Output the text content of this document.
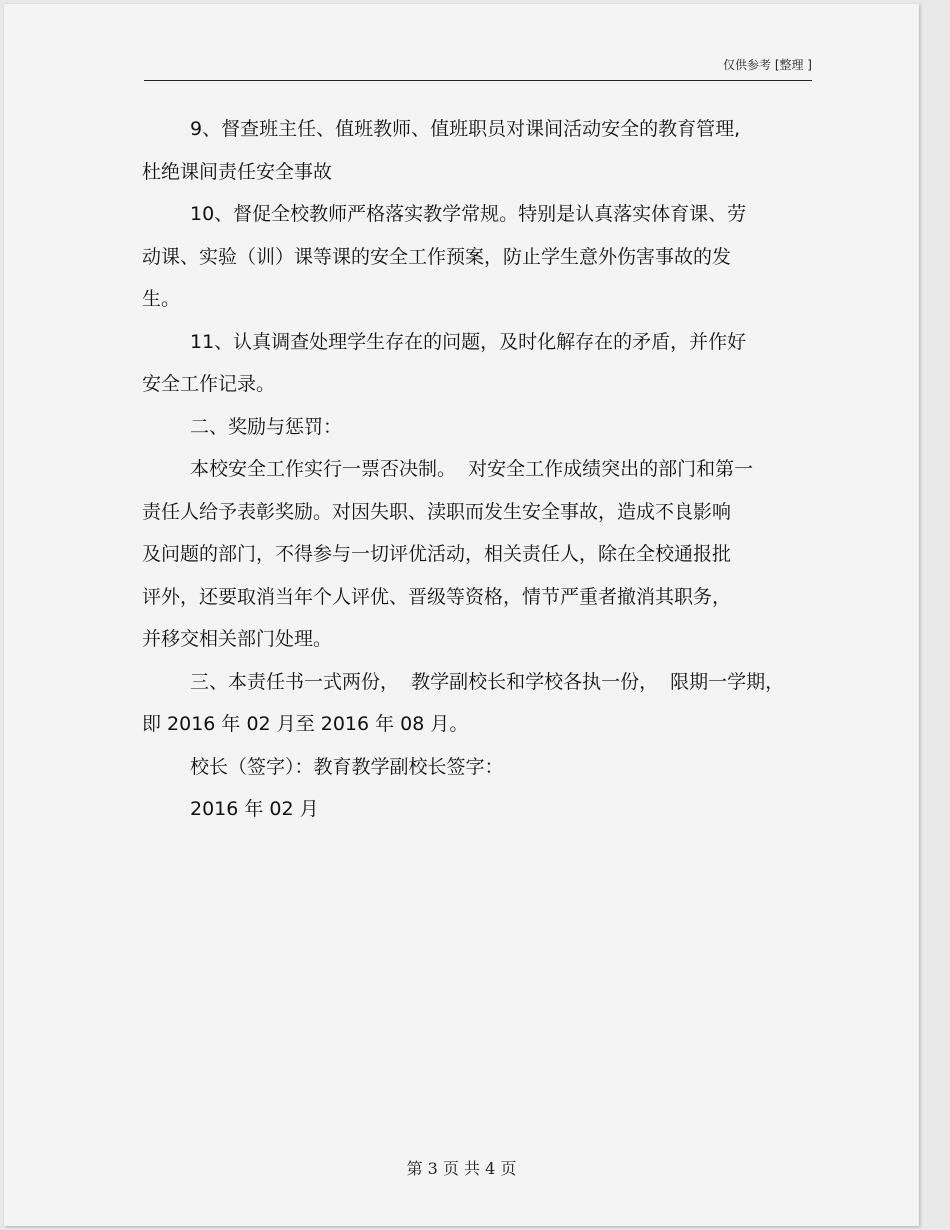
仅供参考 [整理 ]
9、督查班主任、值班教师、值班职员对课间活动安全的教育管理,
杜绝课间责任安全事故
10、督促全校教师严格落实教学常规。特别是认真落实体育课、劳
动课、实验（训）课等课的安全工作预案，防止学生意外伤害事故的发
生。
11、认真调查处理学生存在的问题，及时化解存在的矛盾，并作好
安全工作记录。
二、奖励与惩罚：
本校安全工作实行一票否决制。  对安全工作成绩突出的部门和第一
责任人给予表彰奖励。对因失职、渎职而发生安全事故，造成不良影响
及问题的部门，不得参与一切评优活动，相关责任人，除在全校通报批
评外，还要取消当年个人评优、晋级等资格，情节严重者撤消其职务，
并移交相关部门处理。
三、本责任书一式两份，  教学副校长和学校各执一份，  限期一学期，
即 2016 年 02 月至 2016 年 08 月。
校长（签字）：教育教学副校长签字：
2016 年 02 月
第 3 页 共 4 页
